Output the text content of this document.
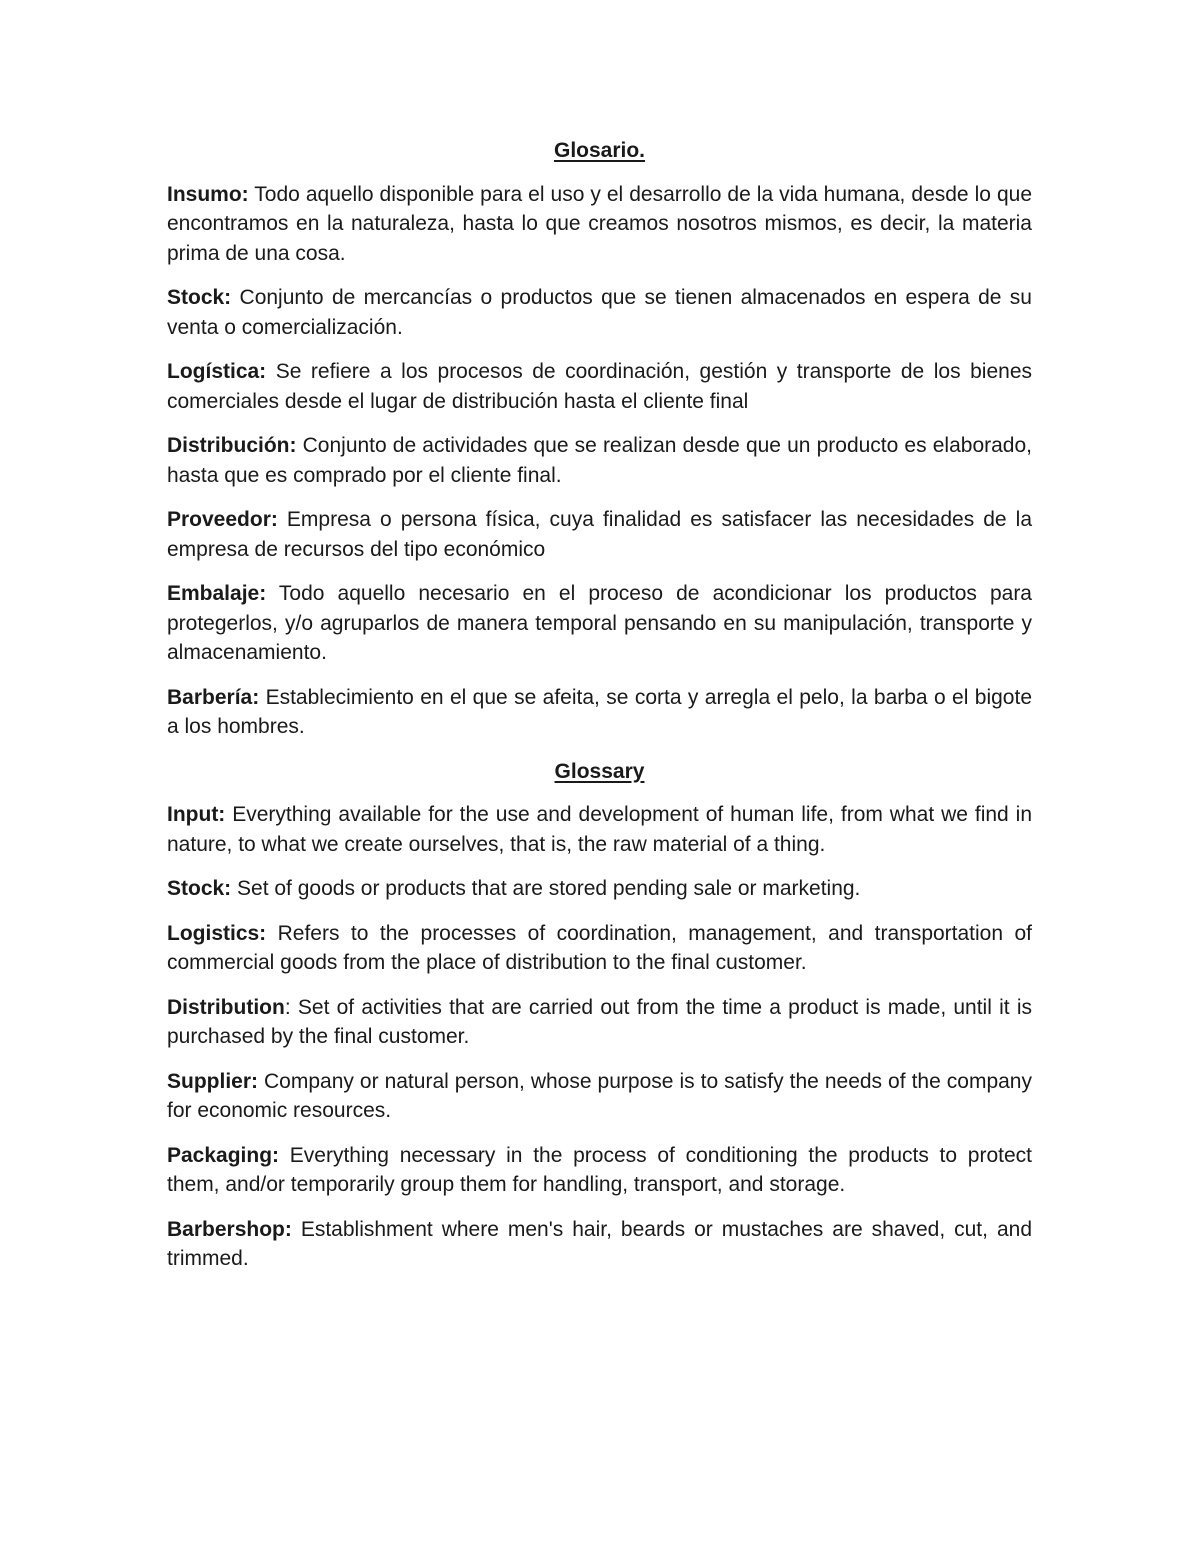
Glosario.

Insumo: Todo aquello disponible para el uso y el desarrollo de la vida humana, desde lo que encontramos en la naturaleza, hasta lo que creamos nosotros mismos, es decir, la materia prima de una cosa.

Stock: Conjunto de mercancías o productos que se tienen almacenados en espera de su venta o comercialización.

Logística: Se refiere a los procesos de coordinación, gestión y transporte de los bienes comerciales desde el lugar de distribución hasta el cliente final

Distribución: Conjunto de actividades que se realizan desde que un producto es elaborado, hasta que es comprado por el cliente final.

Proveedor: Empresa o persona física, cuya finalidad es satisfacer las necesidades de la empresa de recursos del tipo económico

Embalaje: Todo aquello necesario en el proceso de acondicionar los productos para protegerlos, y/o agruparlos de manera temporal pensando en su manipulación, transporte y almacenamiento.

Barbería: Establecimiento en el que se afeita, se corta y arregla el pelo, la barba o el bigote a los hombres.

Glossary

Input: Everything available for the use and development of human life, from what we find in nature, to what we create ourselves, that is, the raw material of a thing.

Stock: Set of goods or products that are stored pending sale or marketing.

Logistics: Refers to the processes of coordination, management, and transportation of commercial goods from the place of distribution to the final customer.

Distribution: Set of activities that are carried out from the time a product is made, until it is purchased by the final customer.

Supplier: Company or natural person, whose purpose is to satisfy the needs of the company for economic resources.

Packaging: Everything necessary in the process of conditioning the products to protect them, and/or temporarily group them for handling, transport, and storage.

Barbershop: Establishment where men's hair, beards or mustaches are shaved, cut, and trimmed.
